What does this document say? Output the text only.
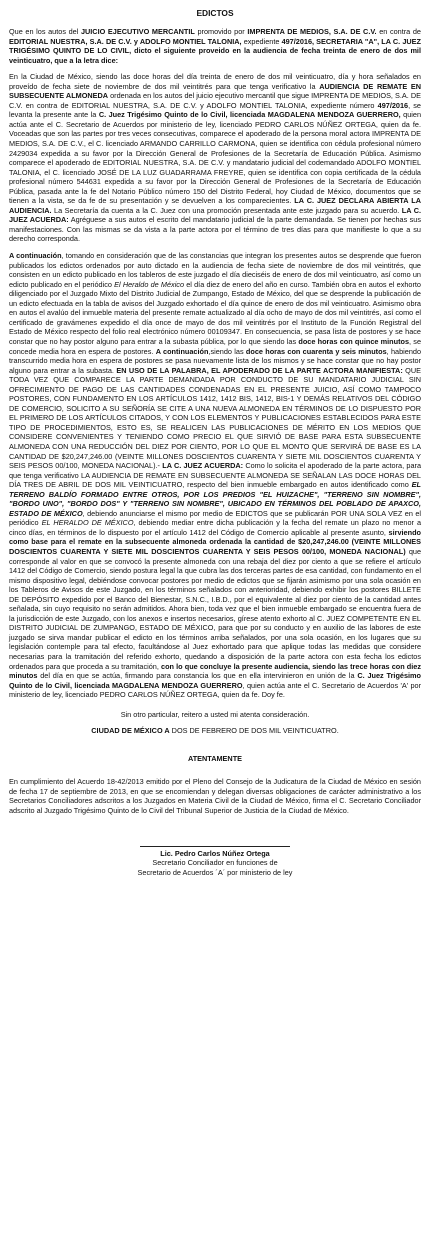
EDICTOS

Que en los autos del JUICIO EJECUTIVO MERCANTIL promovido por IMPRENTA DE MEDIOS, S.A. DE C.V. en contra de EDITORIAL NUESTRA, S.A. DE C.V. y ADOLFO MONTIEL TALONIA, expediente 497/2016, SECRETARIA "A", LA C. JUEZ TRIGÉSIMO QUINTO DE LO CIVIL, dicto el siguiente proveido en la audiencia de fecha treinta de enero de dos mil veinticuatro, que a la letra dice:

En la Ciudad de México, siendo las doce horas del día treinta de enero de dos mil veinticuatro, día y hora señalados en proveído de fecha siete de noviembre de dos mil veintitrés para que tenga verificativo la AUDIENCIA DE REMATE EN SUBSECUENTE ALMONEDA ordenada en los autos del juicio ejecutivo mercantil que sigue IMPRENTA DE MEDIOS, S.A. DE C.V. en contra de EDITORIAL NUESTRA, S.A. DE C.V. y ADOLFO MONTIEL TALONIA, expediente número 497/2016, se levanta la presente ante la C. Juez Trigésimo Quinto de lo Civil, licenciada MAGDALENA MENDOZA GUERRERO, quien actúa ante el C. Secretario de Acuerdos por ministerio de ley, licenciado PEDRO CARLOS NÚÑEZ ORTEGA, quien da fe. Voceadas que son las partes por tres veces consecutivas, comparece el apoderado de la persona moral actora IMPRENTA DE MEDIOS, S.A. DE C.V., el C. licenciado ARMANDO CARRILLO CARMONA, quien se identifica con cédula profesional número 2429034 expedida a su favor por la Dirección General de Profesiones de la Secretaría de Educación Pública. Asimismo comparece el apoderado de EDITORIAL NUESTRA, S.A. DE C.V. y mandatario judicial del codemandado ADOLFO MONTIEL TALONIA, el C. licenciado JOSÉ DE LA LUZ GUADARRAMA FREYRE, quien se identifica con copia certificada de la cédula profesional número 544631 expedida a su favor por la Dirección General de Profesiones de la Secretaría de Educación Pública, pasada ante la fe del Notario Público número 150 del Distrito Federal, hoy Ciudad de México, documentos que se tienen a la vista, se da fe de su presentación y se devuelven a los comparecientes. LA C. JUEZ DECLARA ABIERTA LA AUDIENCIA. La Secretaría da cuenta a la C. Juez con una promoción presentada ante este juzgado para su acuerdo. LA C. JUEZ ACUERDA: Agréguese a sus autos el escrito del mandatario judicial de la parte demandada. Se tienen por hechas sus manifestaciones. Con las mismas se da vista a la parte actora por el término de tres días para que manifieste lo que a su derecho corresponda.

A continuación, tomando en consideración que de las constancias que integran los presentes autos se desprende que fueron publicados los edictos ordenados por auto dictado en la audiencia de fecha siete de noviembre de dos mil veintitrés, que consisten en un edicto publicado en los tableros de este juzgado el día dieciséis de enero de dos mil veinticuatro, así como un edicto publicado en el periódico El Heraldo de México el día diez de enero del año en curso. También obra en autos el exhorto diligenciado por el Juzgado Mixto del Distrito Judicial de Zumpango, Estado de México, del que se desprende la publicación de un edicto efectuada en la tabla de avisos del Juzgado exhortado el día quince de enero de dos mil veinticuatro. Asimismo obra en autos el avalúo del inmueble materia del presente remate actualizado al día ocho de mayo de dos mil veintitrés, así como el certificado de gravámenes expedido el día once de mayo de dos mil veintitrés por el Instituto de la Función Registral del Estado de México respecto del folio real electrónico número 00109347. En consecuencia, se pasa lista de postores y se hace constar que no hay postor alguno para entrar a la subasta pública, por lo que siendo las doce horas con quince minutos, se concede media hora en espera de postores. A continuación,siendo las doce horas con cuarenta y seis minutos, habiendo transcurrido media hora en espera de postores se pasa nuevamente lista de los mismos y se hace constar que no hay postor alguno para entrar a la subasta. EN USO DE LA PALABRA, EL APODERADO DE LA PARTE ACTORA MANIFIESTA: QUE TODA VEZ QUE COMPARECE LA PARTE DEMANDADA POR CONDUCTO DE SU MANDATARIO JUDICIAL SIN OFRECIMIENTO DE PAGO DE LAS CANTIDADES CONDENADAS EN EL PRESENTE JUICIO, ASÍ COMO TAMPOCO POSTORES, CON FUNDAMENTO EN LOS ARTÍCULOS 1412, 1412 BIS, 1412, BIS-1 Y DEMÁS RELATIVOS DEL CÓDIGO DE COMERCIO, SOLICITO A SU SEÑORÍA SE CITE A UNA NUEVA ALMONEDA EN TÉRMINOS DE LO DISPUESTO POR EL PRIMERO DE LOS ARTÍCULOS CITADOS, Y CON LOS ELEMENTOS Y PUBLICACIONES ESTABLECIDOS PARA ESTE TIPO DE PROCEDIMIENTOS, ESTO ES, SE REALICEN LAS PUBLICACIONES DE MÉRITO EN LOS MEDIOS QUE CONSIDERE CONVENIENTES Y TENIENDO COMO PRECIO EL QUE SIRVIÓ DE BASE PARA ESTA SUBSECUENTE ALMONEDA CON UNA REDUCCIÓN DEL DIEZ POR CIENTO, POR LO QUE EL MONTO QUE SERVIRÁ DE BASE ES LA CANTIDAD DE $20,247,246.00 (VEINTE MILLONES DOSCIENTOS CUARENTA Y SIETE MIL DOSCIENTOS CUARENTA Y SEIS PESOS 00/100, MONEDA NACIONAL).- LA C. JUEZ ACUERDA: Como lo solicita el apoderado de la parte actora, para que tenga verificativo LA AUDIENCIA DE REMATE EN SUBSECUENTE ALMONEDA SE SEÑALAN LAS DOCE HORAS DEL DÍA TRES DE ABRIL DE DOS MIL VEINTICUATRO, respecto del bien inmueble embargado en autos identificado como EL TERRENO BALDÍO FORMADO ENTRE OTROS, POR LOS PREDIOS "EL HUIZACHE", "TERRENO SIN NOMBRE", "BORDO UNO", "BORDO DOS" Y "TERRENO SIN NOMBRE", UBICADO EN TÉRMINOS DEL POBLADO DE APAXCO, ESTADO DE MÉXICO, debiendo anunciarse el mismo por medio de EDICTOS que se publicarán POR UNA SOLA VEZ en el periódico EL HERALDO DE MÉXICO, debiendo mediar entre dicha publicación y la fecha del remate un plazo no menor a cinco días, en términos de lo dispuesto por el artículo 1412 del Código de Comercio aplicable al presente asunto, sirviendo como base para el remate en la subsecuente almoneda ordenada la cantidad de $20,247,246.00 (VEINTE MILLONES DOSCIENTOS CUARENTA Y SIETE MIL DOSCIENTOS CUARENTA Y SEIS PESOS 00/100, MONEDA NACIONAL) que corresponde al valor en que se convocó la presente almoneda con una rebaja del diez por ciento a que se refiere el artículo 1412 del Código de Comercio, siendo postura legal la que cubra las dos terceras partes de esa cantidad, con fundamento en el mismo dispositivo legal, debiéndose convocar postores por medio de edictos que se fijarán asimismo por una sola ocasión en los Tableros de Avisos de este Juzgado, en los términos señalados con anterioridad, debiendo exhibir los postores BILLETE DE DEPÓSITO expedido por el Banco del Bienestar, S.N.C., I.B.D., por el equivalente al diez por ciento de la cantidad antes señalada, sin cuyo requisito no serán admitidos. Ahora bien, toda vez que el bien inmueble embargado se encuentra fuera de la jurisdicción de este Juzgado, con los anexos e insertos necesarios, gírese atento exhorto al C. JUEZ COMPETENTE EN EL DISTRITO JUDICIAL DE ZUMPANGO, ESTADO DE MÉXICO, para que por su conducto y en auxilio de las labores de este juzgado se sirva mandar publicar el edicto en los términos arriba señalados, por una sola ocasión, en los lugares que su legislación contemple para tal efecto, facultándose al Juez exhortado para que aplique todas las medidas que considere necesarias para la tramitación del referido exhorto, quedando a disposición de la parte actora con esta fecha los edictos ordenados para que proceda a su tramitación, con lo que concluye la presente audiencia, siendo las trece horas con diez minutos del día en que se actúa, firmando para constancia los que en ella intervinieron en unión de la C. Juez Trigésimo Quinto de lo Civil, licenciada MAGDALENA MENDOZA GUERRERO, quien actúa ante el C. Secretario de Acuerdos 'A' por ministerio de ley, licenciado PEDRO CARLOS NÚÑEZ ORTEGA, quien da fe. Doy fe.

Sin otro particular, reitero a usted mi atenta consideración.

CIUDAD DE MÉXICO A DOS DE FEBRERO DE DOS MIL VEINTICUATRO.

ATENTAMENTE

En cumplimiento del Acuerdo 18-42/2013 emitido por el Pleno del Consejo de la Judicatura de la Ciudad de México en sesión de fecha 17 de septiembre de 2013, en que se encomiendan y delegan diversas obligaciones de carácter administrativo a los Secretarios Conciliadores adscritos a los Juzgados en Materia Civil de la Ciudad de México, firma el C. Secretario Conciliador adscrito al Juzgado Trigésimo Quinto de lo Civil del Tribunal Superior de Justicia de la Ciudad de México.

Lic. Pedro Carlos Núñez Ortega
Secretario Conciliador en funciones de
Secretario de Acuerdos ´A´ por ministerio de ley
